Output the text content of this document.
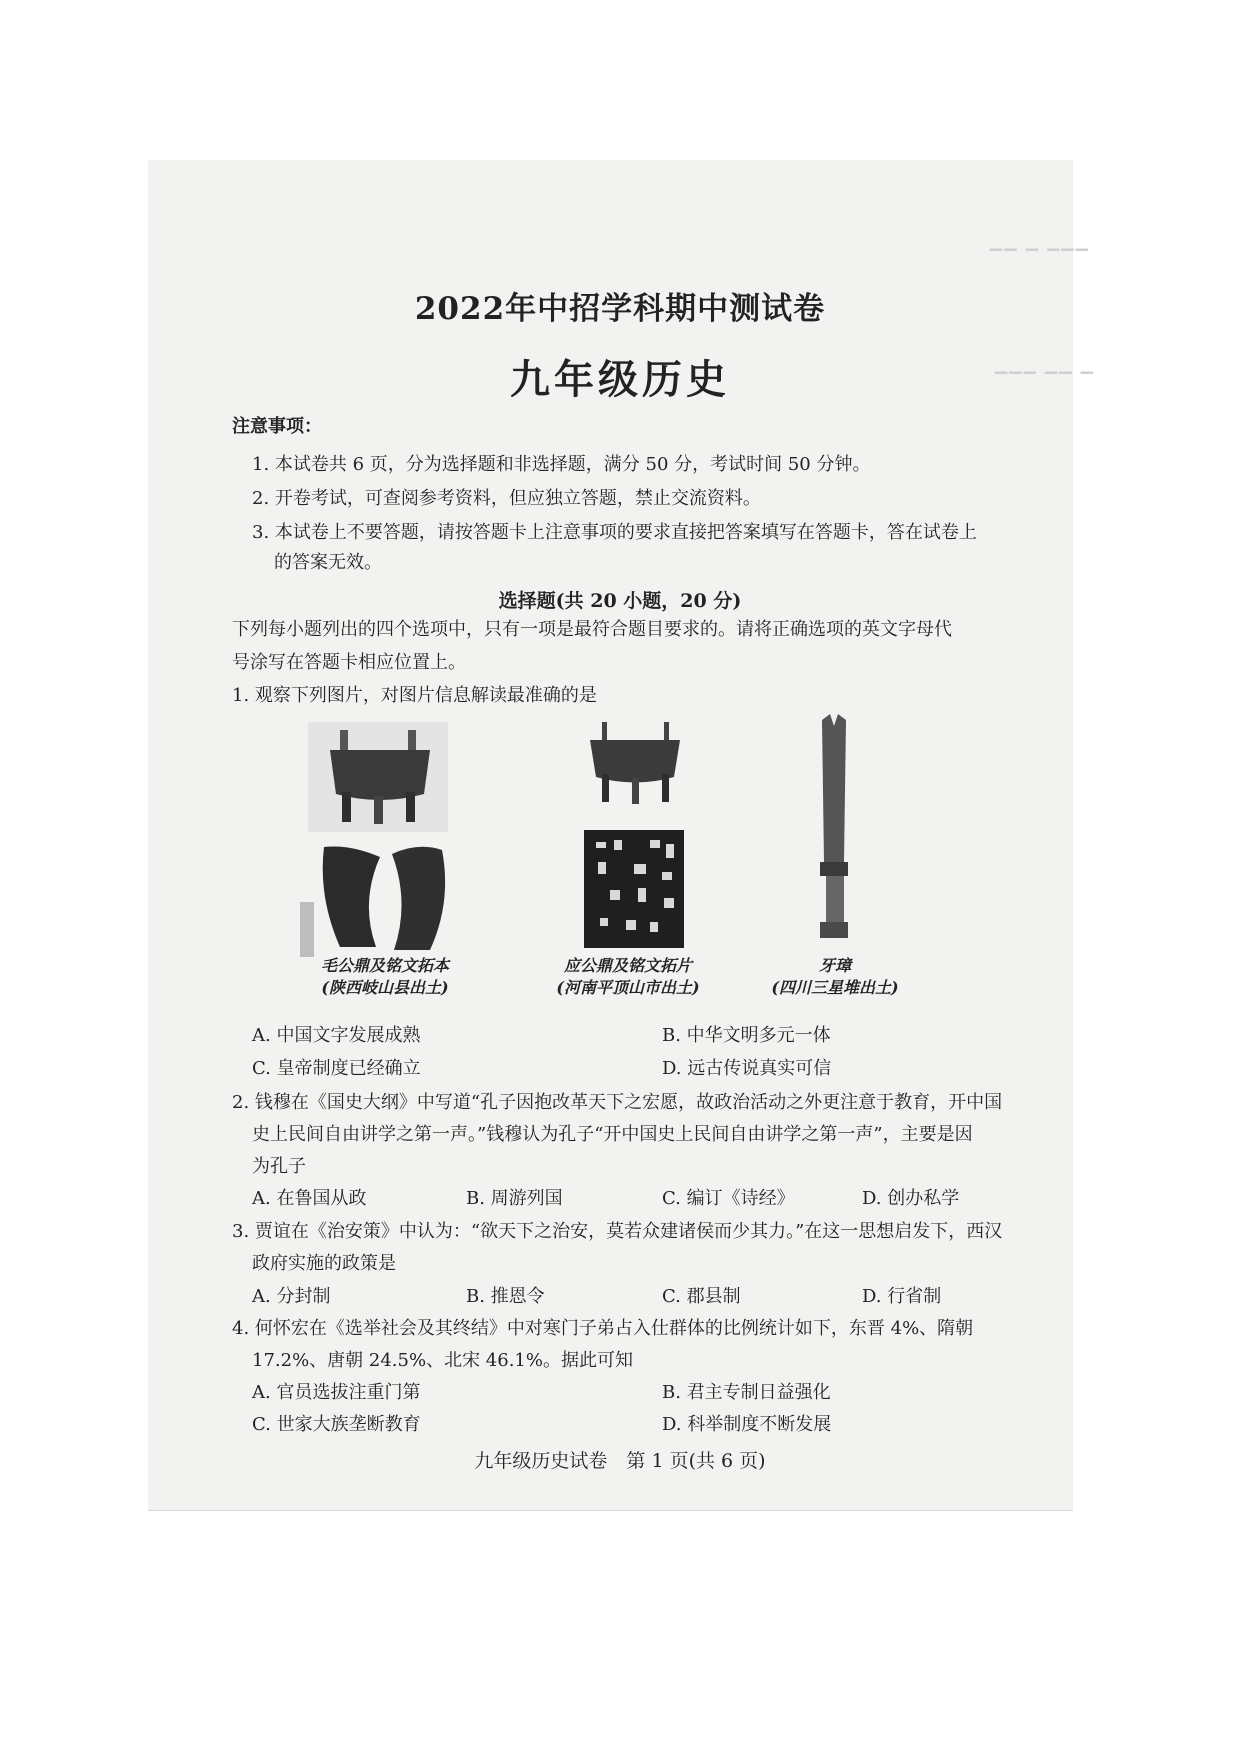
▁▁ ▁ ▁▁▁
▁▁▁ ▁▁ ▁
2022年中招学科期中测试卷
九年级历史
注意事项：
1. 本试卷共 6 页，分为选择题和非选择题，满分 50 分，考试时间 50 分钟。
2. 开卷考试，可查阅参考资料，但应独立答题，禁止交流资料。
3. 本试卷上不要答题，请按答题卡上注意事项的要求直接把答案填写在答题卡，答在试卷上
的答案无效。
选择题(共 20 小题，20 分)
下列每小题列出的四个选项中，只有一项是最符合题目要求的。请将正确选项的英文字母代
号涂写在答题卡相应位置上。
1. 观察下列图片，对图片信息解读最准确的是
毛公鼎及铭文拓本
(陕西岐山县出土)
应公鼎及铭文拓片
(河南平顶山市出土)
牙璋
(四川三星堆出土)
A. 中国文字发展成熟	B. 中华文明多元一体
C. 皇帝制度已经确立	D. 远古传说真实可信
2. 钱穆在《国史大纲》中写道“孔子因抱改革天下之宏愿，故政治活动之外更注意于教育，开中国
史上民间自由讲学之第一声。”钱穆认为孔子“开中国史上民间自由讲学之第一声”，主要是因
为孔子
A. 在鲁国从政	B. 周游列国	C. 编订《诗经》	D. 创办私学
3. 贾谊在《治安策》中认为：“欲天下之治安，莫若众建诸侯而少其力。”在这一思想启发下，西汉
政府实施的政策是
A. 分封制	B. 推恩令	C. 郡县制	D. 行省制
4. 何怀宏在《选举社会及其终结》中对寒门子弟占入仕群体的比例统计如下，东晋 4%、隋朝
17.2%、唐朝 24.5%、北宋 46.1%。据此可知
A. 官员选拔注重门第	B. 君主专制日益强化
C. 世家大族垄断教育	D. 科举制度不断发展
九年级历史试卷　第 1 页(共 6 页)
